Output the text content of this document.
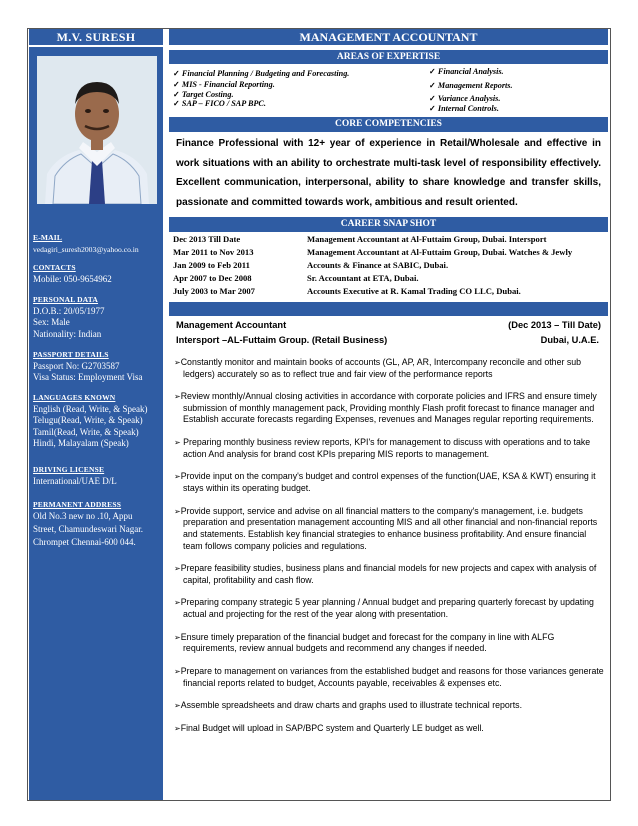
M.V. SURESH
E-MAIL
vedagiri_suresh2003@yahoo.co.in
CONTACTS
Mobile: 050-9654962
PERSONAL DATA
D.O.B.: 20/05/1977
Sex: Male
Nationality: Indian
PASSPORT DETAILS
Passport No: G2703587
Visa Status: Employment Visa
LANGUAGES KNOWN
English (Read, Write, & Speak)
Telugu(Read, Write, & Speak)
Tamil(Read, Write, & Speak)
Hindi, Malayalam (Speak)
DRIVING LICENSE
International/UAE D/L
PERMANENT ADDRESS
Old No.3 new no .10, Appu
Street, Chamundeswari Nagar.
Chrompet Chennai-600 044.
MANAGEMENT ACCOUNTANT
AREAS OF EXPERTISE
✓ Financial Planning / Budgeting and Forecasting.
✓ MIS - Financial Reporting.
✓ Target Costing.
✓ SAP – FICO / SAP BPC.
✓ Financial Analysis.
✓ Management Reports.
✓ Variance Analysis.
✓ Internal Controls.
CORE COMPETENCIES
Finance Professional with 12+ year of experience in Retail/Wholesale and effective in work situations with an ability to orchestrate multi-task level of responsibility effectively. Excellent communication, interpersonal, ability to share knowledge and transfer skills, passionate and committed towards work, ambitious and result oriented.
CAREER SNAP SHOT
Dec 2013 Till Date	Management Accountant at Al-Futtaim Group, Dubai. Intersport
Mar 2011 to Nov 2013	Management Accountant at Al-Futtaim Group, Dubai. Watches & Jewly
Jan 2009 to Feb 2011	Accounts & Finance at SABIC, Dubai.
Apr 2007 to Dec 2008	Sr. Accountant at ETA, Dubai.
July 2003 to Mar 2007	Accounts Executive at R. Kamal Trading CO LLC, Dubai.
Management Accountant	(Dec 2013 – Till Date)
Intersport –AL-Futtaim Group. (Retail Business)	Dubai, U.A.E.
➢ Constantly monitor and maintain books of accounts (GL, AP, AR, Intercompany reconcile and other sub ledgers) accurately so as to reflect true and fair view of the performance reports
➢ Review monthly/Annual closing activities in accordance with corporate policies and IFRS and ensure timely submission of monthly management pack, Providing monthly Flash profit forecast to finance manager and Establish accurate forecasts regarding Expenses, revenues and Manages regular reporting requirements.
➢ Preparing monthly business review reports, KPI's for management to discuss with operations and to take action And analysis for brand cost KPIs preparing MIS reports to management.
➢ Provide input on the company's budget and control expenses of the function(UAE, KSA & KWT) ensuring it stays within its operating budget.
➢ Provide support, service and advise on all financial matters to the company's management, i.e. budgets preparation and presentation management accounting MIS and all other financial and non-financial reports and statements. Establish key financial strategies to enhance business profitability. And ensure financial team follows company policies and regulations.
➢ Prepare feasibility studies, business plans and financial models for new projects and capex with analysis of capital, profitability and cash flow.
➢ Preparing company strategic 5 year planning / Annual budget and preparing quarterly forecast by updating actual and projecting for the rest of the year along with presentation.
➢ Ensure timely preparation of the financial budget and forecast for the company in line with ALFG requirements, review annual budgets and recommend any changes if needed.
➢ Prepare to management on variances from the established budget and reasons for those variances generate financial reports related to budget, Accounts payable, receivables & expenses etc.
➢ Assemble spreadsheets and draw charts and graphs used to illustrate technical reports.
➢ Final Budget will upload in SAP/BPC system and Quarterly LE budget as well.
